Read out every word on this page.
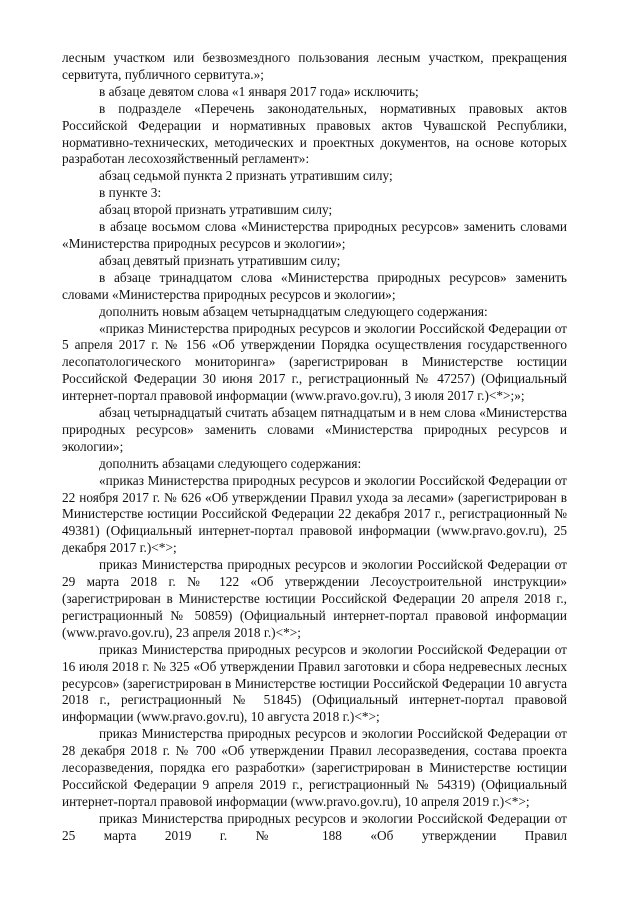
лесным участком или безвозмездного пользования лесным участком, прекращения сервитута, публичного сервитута.»;

в абзаце девятом слова «1 января 2017 года» исключить;

в подразделе «Перечень законодательных, нормативных правовых актов Российской Федерации и нормативных правовых актов Чувашской Республики, нормативно-технических, методических и проектных документов, на основе которых разработан лесохозяйственный регламент»:

абзац седьмой пункта 2 признать утратившим силу;

в пункте 3:

абзац второй признать утратившим силу;

в абзаце восьмом слова «Министерства природных ресурсов» заменить словами «Министерства природных ресурсов и экологии»;

абзац девятый признать утратившим силу;

в абзаце тринадцатом слова «Министерства природных ресурсов» заменить словами «Министерства природных ресурсов и экологии»;

дополнить новым абзацем четырнадцатым следующего содержания:

«приказ Министерства природных ресурсов и экологии Российской Федерации от 5 апреля 2017 г. № 156 «Об утверждении Порядка осуществления государственного лесопатологического мониторинга» (зарегистрирован в Министерстве юстиции Российской Федерации 30 июня 2017 г., регистрационный № 47257) (Официальный интернет-портал правовой информации (www.pravo.gov.ru), 3 июля 2017 г.)<*>;»;

абзац четырнадцатый считать абзацем пятнадцатым и в нем слова «Министерства природных ресурсов» заменить словами «Министерства природных ресурсов и экологии»;

дополнить абзацами следующего содержания:

«приказ Министерства природных ресурсов и экологии Российской Федерации от 22 ноября 2017 г. № 626 «Об утверждении Правил ухода за лесами» (зарегистрирован в Министерстве юстиции Российской Федерации 22 декабря 2017 г., регистрационный № 49381) (Официальный интернет-портал правовой информации (www.pravo.gov.ru), 25 декабря 2017 г.)<*>;

приказ Министерства природных ресурсов и экологии Российской Федерации от 29 марта 2018 г. № 122 «Об утверждении Лесоустроительной инструкции» (зарегистрирован в Министерстве юстиции Российской Федерации 20 апреля 2018 г., регистрационный № 50859) (Официальный интернет-портал правовой информации (www.pravo.gov.ru), 23 апреля 2018 г.)<*>;

приказ Министерства природных ресурсов и экологии Российской Федерации от 16 июля 2018 г. № 325 «Об утверждении Правил заготовки и сбора недревесных лесных ресурсов» (зарегистрирован в Министерстве юстиции Российской Федерации 10 августа 2018 г., регистрационный № 51845) (Официальный интернет-портал правовой информации (www.pravo.gov.ru), 10 августа 2018 г.)<*>;

приказ Министерства природных ресурсов и экологии Российской Федерации от 28 декабря 2018 г. № 700 «Об утверждении Правил лесоразведения, состава проекта лесоразведения, порядка его разработки» (зарегистрирован в Министерстве юстиции Российской Федерации 9 апреля 2019 г., регистрационный № 54319) (Официальный интернет-портал правовой информации (www.pravo.gov.ru), 10 апреля 2019 г.)<*>;

приказ Министерства природных ресурсов и экологии Российской Федерации от 25 марта 2019 г. № 188 «Об утверждении Правил
